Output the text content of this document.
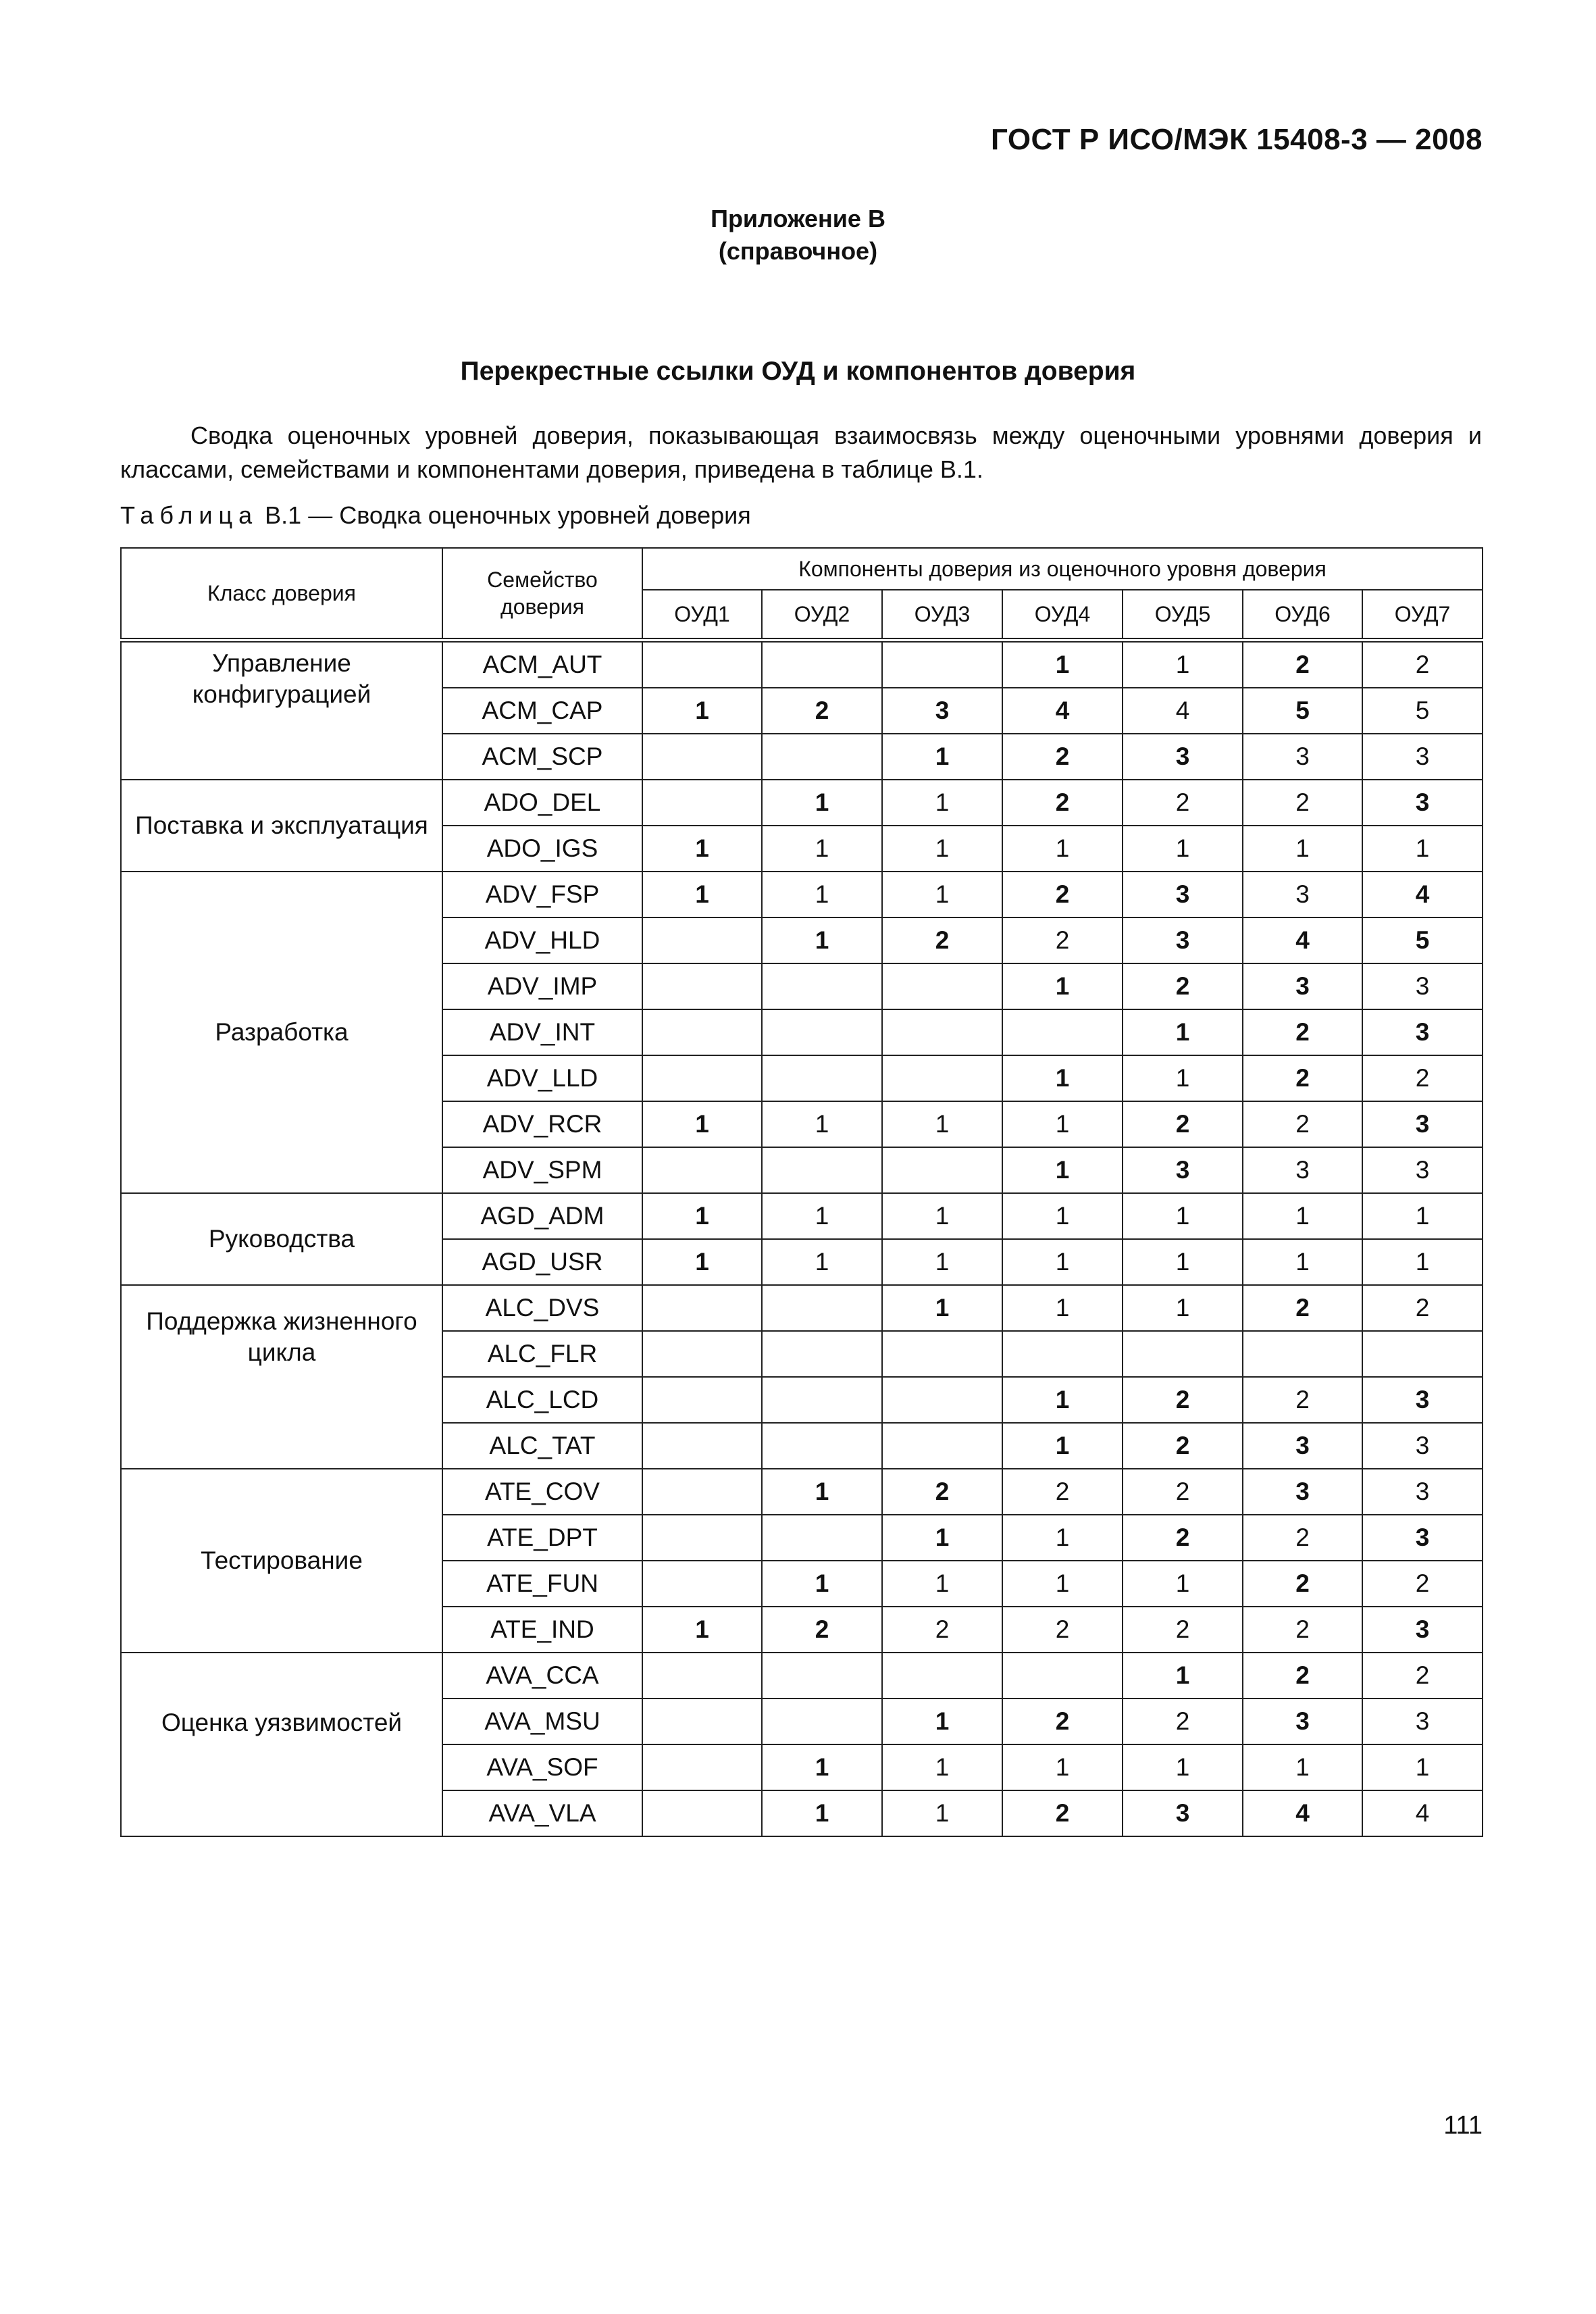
ГОСТ Р ИСО/МЭК 15408-3 — 2008
Приложение В
(справочное)
Перекрестные ссылки ОУД и компонентов доверия
Сводка оценочных уровней доверия, показывающая взаимосвязь между оценочными уровнями доверия и классами, семействами и компонентами доверия, приведена в таблице В.1.
Таблица В.1 — Сводка оценочных уровней доверия
Класс доверия	Семейство доверия	Компоненты доверия из оценочного уровня доверия						
		ОУД1	ОУД2	ОУД3	ОУД4	ОУД5	ОУД6	ОУД7
Управление конфигурацией	ACM_AUT				1	1	2	2
	ACM_CAP	1	2	3	4	4	5	5
	ACM_SCP			1	2	3	3	3
Поставка и эксплуатация	ADO_DEL		1	1	2	2	2	3
	ADO_IGS	1	1	1	1	1	1	1
Разработка	ADV_FSP	1	1	1	2	3	3	4
	ADV_HLD		1	2	2	3	4	5
	ADV_IMP				1	2	3	3
	ADV_INT					1	2	3
	ADV_LLD				1	1	2	2
	ADV_RCR	1	1	1	1	2	2	3
	ADV_SPM				1	3	3	3
Руководства	AGD_ADM	1	1	1	1	1	1	1
	AGD_USR	1	1	1	1	1	1	1
Поддержка жизненного цикла	ALC_DVS			1	1	1	2	2
	ALC_FLR							
	ALC_LCD				1	2	2	3
	ALC_TAT				1	2	3	3
Тестирование	ATE_COV		1	2	2	2	3	3
	ATE_DPT			1	1	2	2	3
	ATE_FUN		1	1	1	1	2	2
	ATE_IND	1	2	2	2	2	2	3
Оценка уязвимостей	AVA_CCA					1	2	2
	AVA_MSU			1	2	2	3	3
	AVA_SOF		1	1	1	1	1	1
	AVA_VLA		1	1	2	3	4	4
111
